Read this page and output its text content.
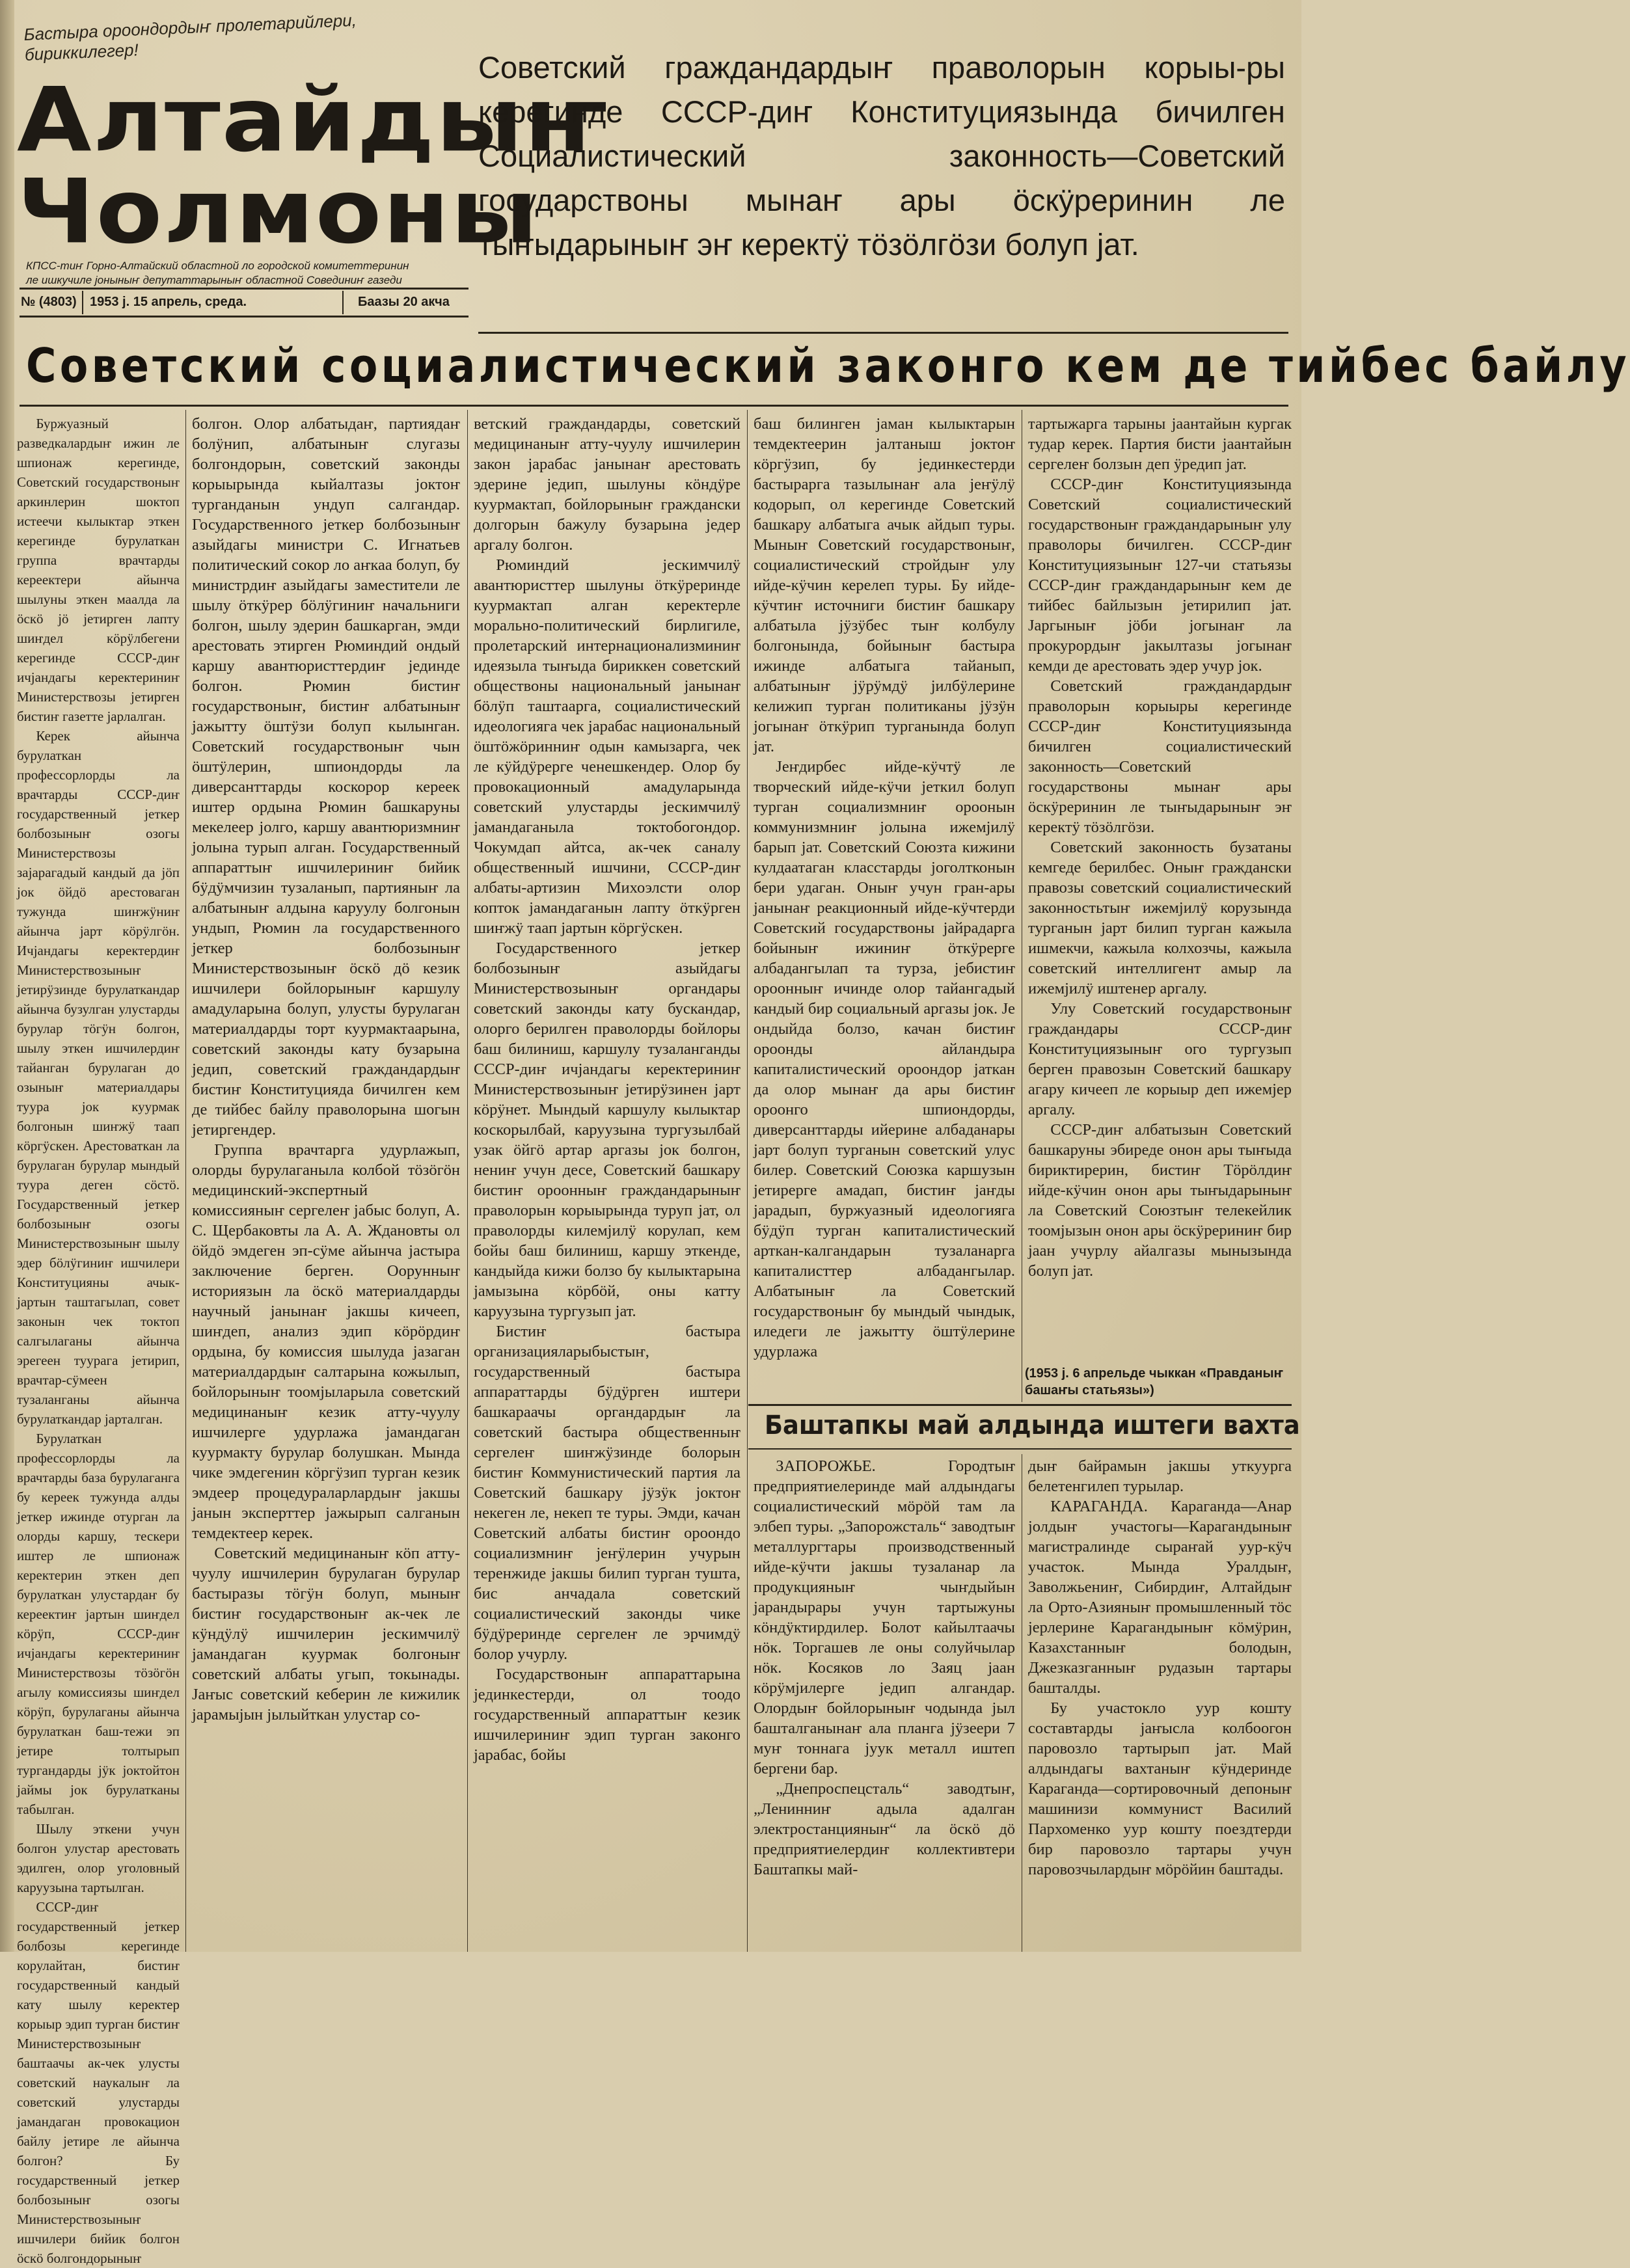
Бастыра ороондордыҥ пролетарийлери, бириккилегер!
Алтайдыҥ
Чолмоны
КПСС-тиҥ Горно-Алтайский областной ло городской комитеттеринин
ле ишкучиле јоныныҥ депутаттарыныҥ областной Совединиҥ газеди
№ (4803) 1953 j. 15 апрель, среда.	Баазы 20 акча
Советский граждандардыҥ праволорын корыы-ры керегинде СССР-диҥ Конституциязында бичилген Социалистический законность—Советский государствоны мынаҥ ары öскӱреринин ле тыҥыдарыныҥ эҥ керектӱ тöзöлгöзи болуп јат.
Советский социалистический законго кем де тийбес байлу

Буржуазный разведкалардыҥ ижин ле шпионаж керегинде, Советский государствоныҥ аркинлерин шоктоп истеечи кылыктар эткен керегинде бурулаткан группа врачтарды кереектери айынча шылуны эткен маалда ла öскö jö jетирген лапту шиҥдел кöрӱлбегени керегинде СССР-диҥ ичjандагы керектериниҥ Министерствозы jетирген бистиҥ газетте jарлалган.

Керек айынча бурулаткан профессорлорды ла врачтарды СССР-диҥ государственный јеткер болбозыныҥ озогы Министерствозы заjарагадый кандый да jöп jок ӧйдö арестоваган тужунда шиҥжӱниҥ айынча јарт кöрӱлгöн. Ичjандагы керектердиҥ Министерствозыныҥ јетирӱзинде бурулаткандар айынча бузулган улустарды бурулар тöгӱн болгон, шылу эткен ишчилердиҥ тайанган бурулаган до озыныҥ материалдары туура jок куурмак болгонын шиҥжӱ таап кöргӱскен. Арестоваткан ла бурулаган бурулар мындый туура деген сöстö. Государственный јеткер болбозыныҥ озогы Министерствозыныҥ шылу эдер бöлӱгиниҥ ишчилери Конституцияны ачык-jартын таштагылап, совет законын чек токтоп салгылаганы айынча эрегеен туурага jетирип, врачтар-сӱмеен тузаланганы айынча бурулаткандар jарталган.

Бурулаткан профессорлорды ла врачтарды база бурулаганга бу кереек тужунда алды јеткер ижинде отурган ла олорды каршу, тескери иштер ле шпионаж керектерин эткен деп бурулаткан улустардаҥ бу кереектиҥ јартын шиҥдел кöрӱп, СССР-диҥ ичjандагы керектериниҥ Министерствозы тöзöгöн агылу комиссиязы шиҥдел кöрӱп, бурулаганы айынча бурулаткан баш-тежи эп јетире толтырып тургандарды јӱк jоктойтон jаймы jок бурулатканы табылган.

Шылу эткени учун болгон улустар арестовать эдилген, олор уголовный каруузына тартылган.

СССР-диҥ государственный јеткер болбозы керегинде корулайтан, бистиҥ государственный кандый кату шылу керектер корыыр эдип турган бистиҥ Министерствозыныҥ баштаачы ак-чек улусты советский наукалыҥ ла советский улустарды јамандаган провокацион байлу jетире ле айынча болгон? Бу государственный јеткер болбозыныҥ озогы Министерствозыныҥ ишчилери бийик болгон ӧскӧ болгондорыныҥ

болгон. Олор албатыдаҥ, партиядаҥ болӱнип, албатыныҥ слугазы болгондорын, советский законды корыырында кыйалтазы jоктоҥ турганданын ундуп салгандар. Государственного јеткер болбозыныҥ азыйдагы министри С. Игнатьев политический сокор ло аҥкаа болуп, бу министрдиҥ азыйдагы заместители ле шылу öткӱрер бöлӱгиниҥ начальниги болгон, шылу эдерин башкарган, эмди арестовать этирген Рюминдий ондый каршу авантюристтердиҥ јединде болгон. Рюмин бистиҥ государствоныҥ, бистиҥ албатыныҥ јажытту öштӱзи болуп кылынган. Советский государствоныҥ чын öштӱлерин, шпиондорды ла диверсанттарды коскорор кереек иштер ордына Рюмин башкаруны мекелеер јолго, каршу авантюризмниҥ јолына турып алган. Государственный аппараттыҥ ишчилериниҥ бийик бӱдӱмчизин тузаланып, партияныҥ ла албатыныҥ алдына каруулу болгонын ундып, Рюмин ла государственного јеткер болбозыныҥ Министерствозыныҥ öскö дö кезик ишчилери бойлорыныҥ каршулу амадуларына болуп, улусты бурулаган материалдарды торт куурмактаарына, советский законды кату бузарына једип, советский граждандардыҥ бистиҥ Конституцияда бичилген кем де тийбес байлу праволорына шогын јетиргендер.

Группа врачтарга удурлажып, олорды бурулаганыла колбой тöзöгöн медицинский-экспертный комиссияныҥ сергелеҥ јабыс болуп, А. С. Щербаковты ла А. А. Ждановты ол öйдö эмдеген эп-сӱме айынча јастыра заключение берген. Оорунныҥ историязын ла öскö материалдарды научный јанынаҥ јакшы кичееп, шиҥдеп, анализ эдип кöрöрдиҥ ордына, бу комиссия шылуда јазаган материалдардыҥ салтарына кожылып, бойлорыныҥ тоомјыларыла советский медицинаныҥ кезик атту-чуулу ишчилерге удурлажа јамандаган куурмакту бурулар болушкан. Мында чике эмдегенин кöргӱзип турган кезик эмдеер процедураларлардыҥ јакшы јанын эксперттер јажырып салганын темдектеер керек.

Советский медицинаныҥ кöп атту-чуулу ишчилерин бурулаган бурулар бастыразы тöгӱн болуп, мыныҥ бистиҥ государствоныҥ ак-чек ле кӱндӱлӱ ишчилерин јескимчилӱ јамандаган куурмак болгоныҥ советский албаты угып, токынады. Јаҥыс советский кеберин ле кижилик јарамыјын јылыйткан улустар со-

ветский граждандарды, советский медицинаныҥ атту-чуулу ишчилерин закон јарабас јанынаҥ арестовать эдерине једип, шылуны кöндӱре куурмактап, бойлорыныҥ граждански долгорын бажулу бузарына једер аргалу болгон.

Рюминдий јескимчилӱ авантюристтер шылуны öткӱреринде куурмактап алган керектерле морально-политический бирлигиле, пролетарский интернационализминиҥ идеязыла тыҥыда бириккен советский обществоны национальный јанынаҥ бöлӱп таштаарга, социалистический идеологияга чек јарабас национальный öштöжöринниҥ одын камызарга, чек ле кӱйдӱрерге ченешкендер. Олор бу провокационный амадуларында советский улустарды јескимчилӱ јамандаганыла токтобогондор. Чокумдап айтса, ак-чек саналу общественный ишчини, СССР-диҥ албаты-артизин Михоэлсти олор копток јамандаганын лапту öткӱрген шиҥжӱ таап јартын кöргӱскен.

Государственного јеткер болбозыныҥ азыйдагы Министерствозыныҥ органдары советский законды кату бускандар, олорго берилген праволорды бойлоры баш билиниш, каршулу тузаланганды СССР-диҥ ичјандагы керектериниҥ Министерствозыныҥ јетирӱзинен јарт кöрӱнет. Мындый каршулу кылыктар коскорылбай, каруузына тургузылбай узак öйгö артар аргазы јок болгон, нениҥ учун десе, Советский башкару бистиҥ ороонныҥ граждандарыныҥ праволорын корыырында туруп јат, ол праволорды килемјилӱ корулап, кем бойы баш билиниш, каршу эткенде, кандыйда кижи болзо бу кылыктарына јамызына кöрбöй, оны катту каруузына тургузып јат.

Бистиҥ бастыра организацияларыбыстыҥ, государственный бастыра аппараттарды бӱдӱрген иштери башкараачы органдардыҥ ла советский бастыра общественныҥ сергелеҥ шиҥжӱзинде болорын бистиҥ Коммунистический партия ла Советский башкару јӱзӱк јоктоҥ некеген ле, некеп те туры. Эмди, качан Советский албаты бистиҥ ороондо социализмниҥ јеҥӱлерин учурын теренжиде јакшы билип турган тушта, бис анчадала советский социалистический законды чике бӱдӱреринде сергелеҥ ле эрчимдӱ болор учурлу.

Государствоныҥ аппараттарына јединкестерди, ол тоодо государственный аппараттыҥ кезик ишчилериниҥ эдип турган законго јарабас, бойы

баш билинген јаман кылыктарын темдектеерин јалтаныш јоктоҥ кöргӱзип, бу јединкестерди бастырарга тазылынаҥ ала јеҥӱлӱ кодорып, ол керегинде Советский башкару албатыга ачык айдып туры. Мыныҥ Советский государствоныҥ, социалистический стройдыҥ улу ийде-кӱчин керелеп туры. Бу ийде-кӱчтиҥ источниги бистиҥ башкару албатыла јӱзӱбес тыҥ колбулу болгонында, бойыныҥ бастыра ижинде албатыга тайанып, албатыныҥ јӱрӱмдӱ јилбӱлерине келижип турган политиканы јӱзӱн јогынаҥ öткӱрип турганында болуп јат.

Јеҥдирбес ийде-кӱчтӱ ле творческий ийде-кӱчи јеткил болуп турган социализмниҥ ороонын коммунизмниҥ јолына ижемјилӱ барып јат. Советский Союзта кижини кулдаатаган класстарды јоголтконын бери удаган. Оныҥ учун гран-ары јанынаҥ реакционный ийде-кӱчтерди Советский государствоны јайрадарга бойыныҥ ижиниҥ öткӱрерге албадангылап та турза, јебистиҥ ороонныҥ ичинде олор тайангадый кандый бир социальный аргазы јок. Је ондыйда болзо, качан бистиҥ ороонды айландыра капиталистический ороондор јаткан да олор мынаҥ да ары бистиҥ ороонго шпиондорды, диверсанттарды ийерине албаданары јарт болуп турганын советский улус билер. Советский Союзка каршузын јетирерге амадап, бистиҥ јаҥды јарадып, буржуазный идеологияга бӱдӱп турган капиталистический арткан-калгандарын тузаланарга капиталисттер албадангылар. Албатыныҥ ла Советский государствоныҥ бу мындый чындык, иледеги ле јажытту öштӱлерине удурлажа

тартыжарга тарыны јаантайын кургак тудар керек. Партия бисти јаантайын сергелеҥ болзын деп ӱредип јат.

СССР-диҥ Конституциязында Советский социалистический государствоныҥ граждандарыныҥ улу праволоры бичилген. СССР-диҥ Конституциязыныҥ 127-чи статьязы СССР-диҥ граждандарыныҥ кем де тийбес байлызын јетирилип јат. Јаргыныҥ јöби јогынаҥ ла прокурордыҥ јакылтазы јогынаҥ кемди де арестовать эдер учур јок.

Советский граждандардыҥ праволорын корыыры керегинде СССР-диҥ Конституциязында бичилген социалистический законность—Советский государствоны мынаҥ ары öскӱреринин ле тыҥыдарыныҥ эҥ керектӱ тöзöлгöзи.

Советский законность бузатаны кемгеде берилбес. Оныҥ граждански правозы советский социалистический законностьтыҥ ижемјилӱ корузында турганын јарт билип турган кажыла ишмекчи, кажыла колхозчы, кажыла советский интеллигент амыр ла ижемјилӱ иштенер аргалу.

Улу Советский государствоныҥ граждандары СССР-диҥ Конституциязыныҥ ого тургузып берген правозын Советский башкару агару кичееп ле корыыр деп ижемјер аргалу.

СССР-диҥ албатызын Советский башкаруны эбиреде онон ары тыҥыда бириктирерин, бистиҥ Тöрöлдиҥ ийде-кӱчин онон ары тыҥыдарыныҥ ла Советский Союзтыҥ телекейлик тоомјызын онон ары öскӱрериниҥ бир јаан учурлу айалгазы мынызында болуп јат.

(1953 j. 6 апрельде чыккан «Правданыҥ башаҥы статьязы»)
Баштапкы май алдында иштеги вахта

ЗАПОРОЖЬЕ. Городтыҥ предприятиелеринде май алдындагы социалистический мöрöй там ла элбеп туры. „Запорожсталь“ заводтыҥ металлургтары производственный ийде-кӱчти јакшы тузаланар ла продукцияныҥ чыҥдыйын јарандырары учун тартыжуны кöндӱктирдилер. Болот кайылтаачы нöк. Торгашев ле оны солуйчылар нöк. Косяков ло Заяц јаан кöрӱмјилерге једип алгандар. Олордыҥ бойлорыныҥ чодында јыл башталганынаҥ ала планга јӱзеери 7 муҥ тоннага јуук металл иштеп бергени бар.

„Днепроспецсталь“ заводтыҥ, „Ленинниҥ адыла адалган электростанцияныҥ“ ла öскö дö предприятиелердиҥ коллективтери Баштапкы май-

дыҥ байрамын јакшы уткуурга белетенгилеп турылар.

КАРАГАНДА. Караганда—Анар јолдыҥ участогы—Карагандыныҥ магистралинде сыраҥай уур-кӱч участок. Мында Уралдыҥ, Заволжьениҥ, Сибирдиҥ, Алтайдыҥ ла Орто-Азияныҥ промышленный тöс јерлерине Карагандыныҥ кöмӱрин, Казахстанныҥ болодын, Джезказганныҥ рудазын тартары башталды.

Бу участокло уур кошту составтарды јаҥысла колбоогон паровозло тартырып јат. Май алдындагы вахтаныҥ кӱндеринде Караганда—сортировочный депоныҥ машинизи коммунист Василий Пархоменко уур кошту поездтерди бир паровозло тартары учун паровозчылардыҥ мöрöйин баштады.
